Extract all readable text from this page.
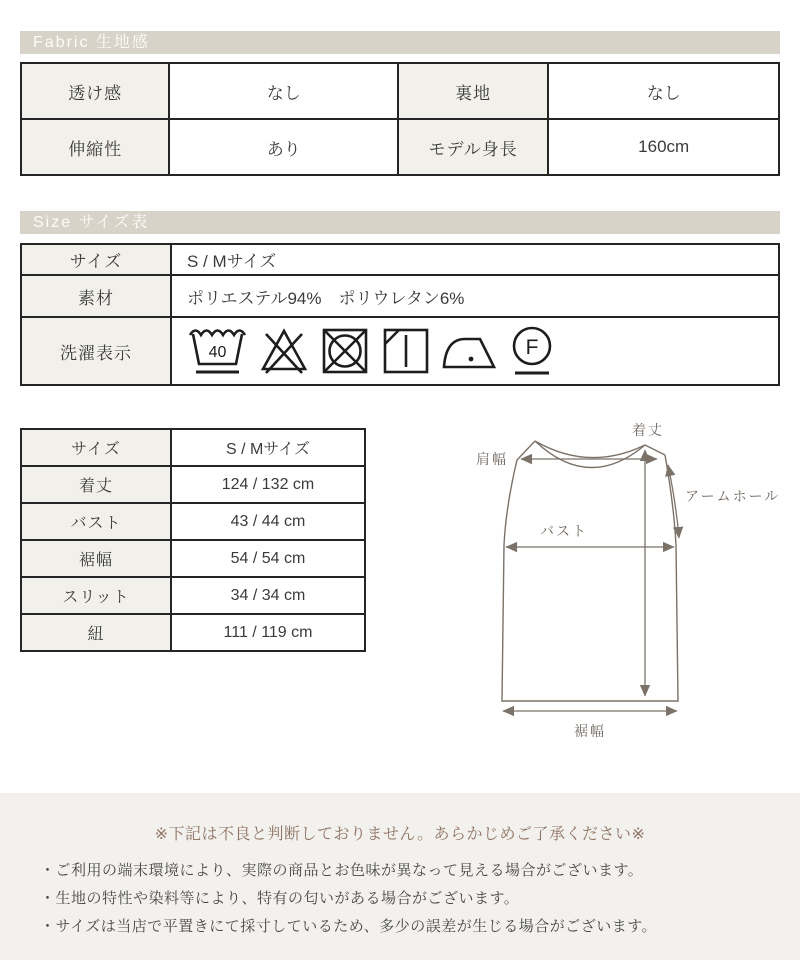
Fabric 生地感
透け感	なし	裏地	なし
伸縮性	あり	モデル身長	160cm
Size サイズ表
サイズ	S / Mサイズ
素材	ポリエステル94%　ポリウレタン6%
洗濯表示	40 F
サイズ	S / Mサイズ
着丈	124 / 132 cm
バスト	43 / 44 cm
裾幅	54 / 54 cm
スリット	34 / 34 cm
紐	111 / 119 cm
着丈
肩幅
アームホール
バスト
裾幅
※下記は不良と判断しておりません。あらかじめご了承ください※
・ご利用の端末環境により、実際の商品とお色味が異なって見える場合がございます。
・生地の特性や染料等により、特有の匂いがある場合がございます。
・サイズは当店で平置きにて採寸しているため、多少の誤差が生じる場合がございます。
